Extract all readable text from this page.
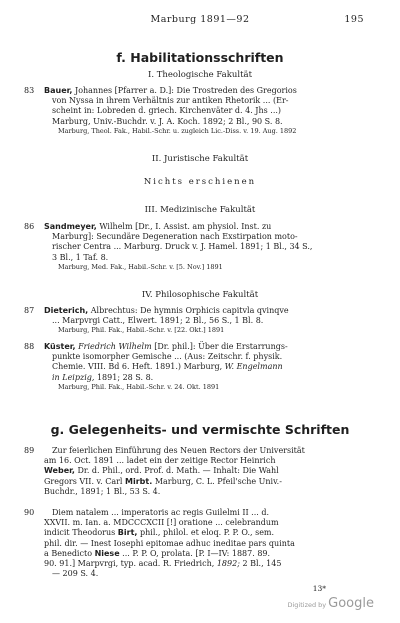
Marburg 1891—92	195
f. Habilitationsschriften
I. Theologische Fakultät
83 Bauer, Johannes [Pfarrer a. D.]: Die Trostreden des Gregorios
von Nyssa in ihrem Verhältnis zur antiken Rhetorik ... (Er-
scheint in: Lobreden d. griech. Kirchenväter d. 4. Jhs ...)
Marburg, Univ.-Buchdr. v. J. A. Koch. 1892; 2 Bl., 90 S. 8.
Marburg, Theol. Fak., Habil.-Schr. u. zugleich Lic.-Diss. v. 19. Aug. 1892
II. Juristische Fakultät
Nichts erschienen
III. Medizinische Fakultät
86 Sandmeyer, Wilhelm [Dr., I. Assist. am physiol. Inst. zu
Marburg]: Secundäre Degeneration nach Exstirpation moto-
rischer Centra ... Marburg. Druck v. J. Hamel. 1891; 1 Bl., 34 S.,
3 Bl., 1 Taf. 8.
Marburg, Med. Fak., Habil.-Schr. v. [5. Nov.] 1891
IV. Philosophische Fakultät
87 Dieterich, Albrechtus: De hymnis Orphicis capitvla qvinqve
... Marpvrgi Catt., Elwert. 1891; 2 Bl., 56 S., 1 Bl. 8.
Marburg, Phil. Fak., Habil.-Schr. v. [22. Okt.] 1891
88 Küster, Friedrich Wilhelm [Dr. phil.]: Über die Erstarrungs-
punkte isomorpher Gemische ... (Aus: Zeitschr. f. physik.
Chemie. VIII. Bd 6. Heft. 1891.) Marburg, W. Engelmann
in Leipzig, 1891; 28 S. 8.
Marburg, Phil. Fak., Habil.-Schr. v. 24. Okt. 1891
g. Gelegenheits- und vermischte Schriften
89	Zur feierlichen Einführung des Neuen Rectors der Universität
am 16. Oct. 1891 ... ladet ein der zeitige Rector Heinrich
Weber, Dr. d. Phil., ord. Prof. d. Math. — Inhalt: Die Wahl
Gregors VII. v. Carl Mirbt. Marburg, C. L. Pfeil'sche Univ.-
Buchdr., 1891; 1 Bl., 53 S. 4.
90	Diem natalem ... imperatoris ac regis Guilelmi II ... d.
XXVII. m. Ian. a. MDCCCXCII [!] oratione ... celebrandum
indicit Theodorus Birt, phil., philol. et eloq. P. P. O., sem.
phil. dir. — Inest Iosephi epitomae adhuc ineditae pars quinta
a Benedicto Niese ... P. P. O, prolata. [P. I—IV: 1887. 89.
90. 91.] Marpvrgi, typ. acad. R. Friedrich, 1892; 2 Bl., 145
— 209 S. 4.
13*
Digitized by Google
